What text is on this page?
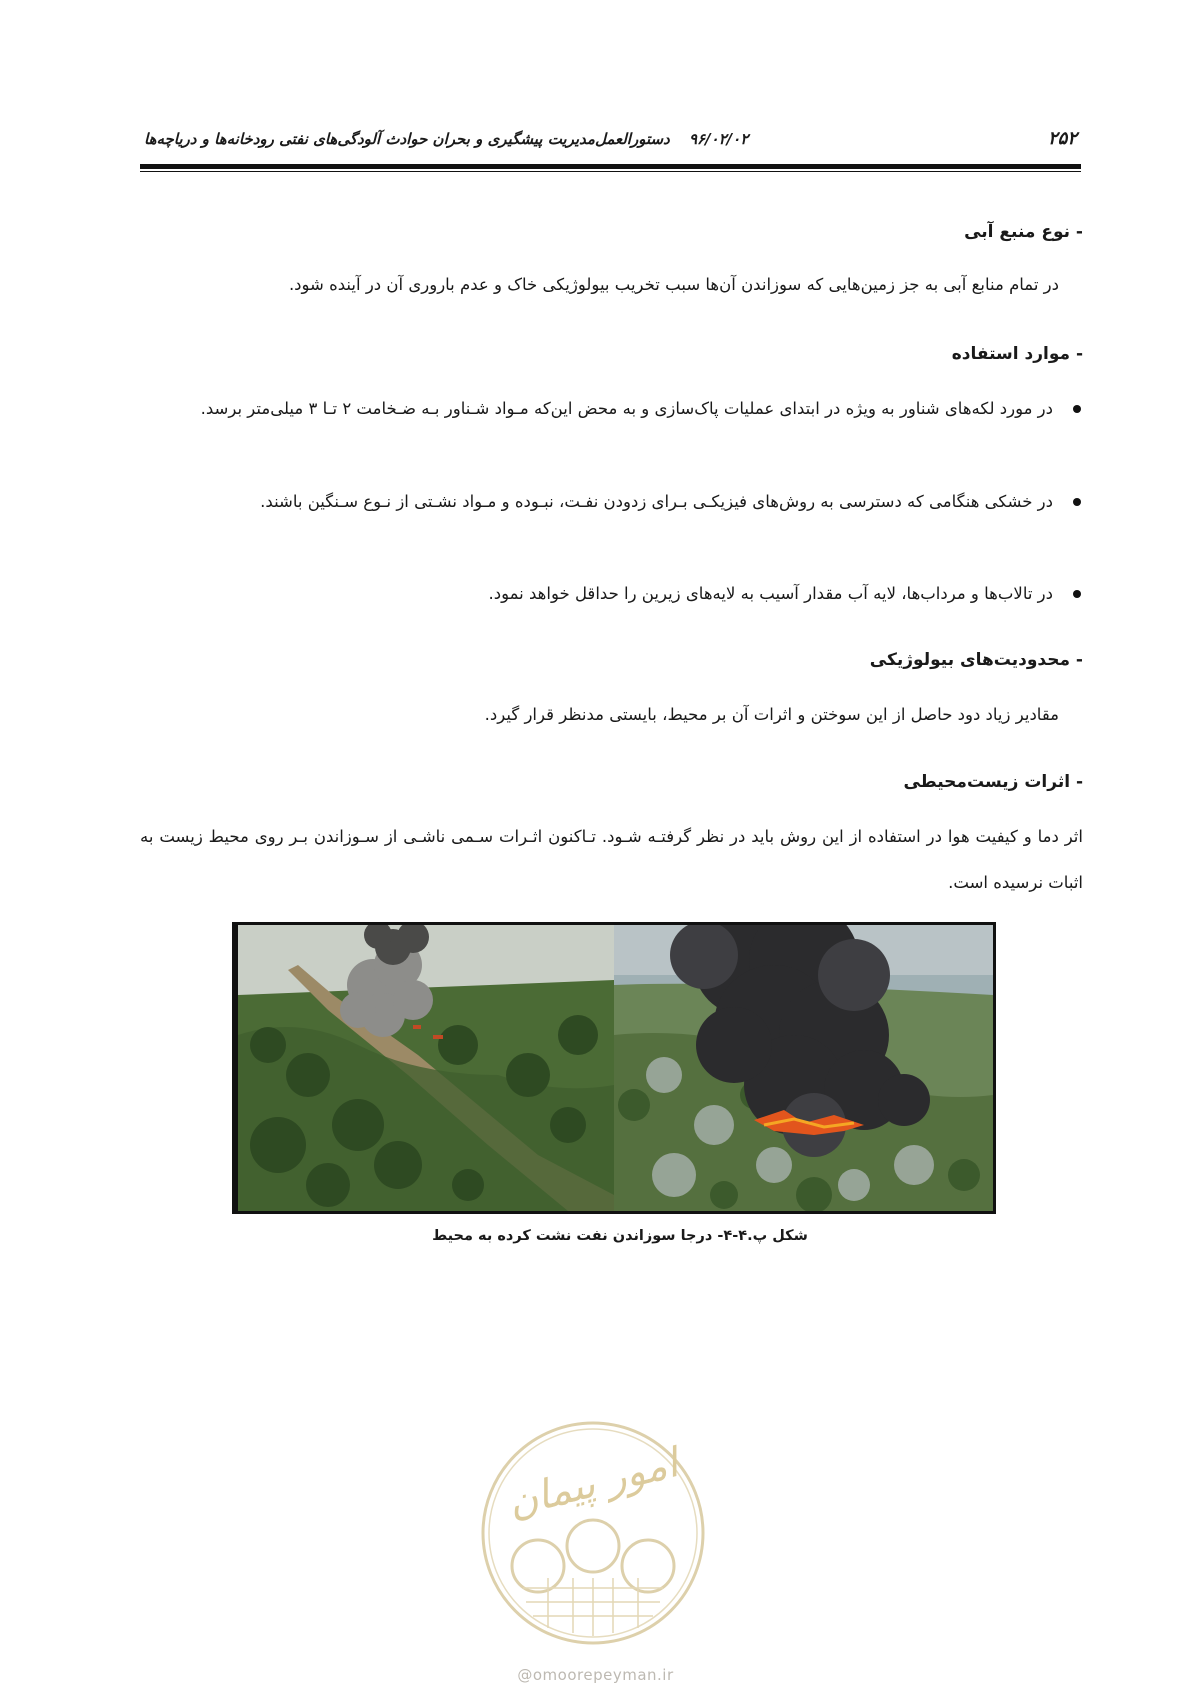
۲۵۲
۹۶/۰۲/۰۲ دستورالعمل‌مدیریت پیشگیری و بحران حوادث آلودگی‌های نفتی رودخانه‌ها و دریاچه‌ها
- نوع منبع آبی
در تمام منابع آبی به جز زمین‌هایی که سوزاندن آن‌ها سبب تخریب بیولوژیکی خاک و عدم باروری آن در آینده شود.
- موارد استفاده
در مورد لکه‌های شناور به ویژه در ابتدای عملیات پاک‌سازی و به محض این‌که مـواد شـناور بـه ضـخامت ۲ تـا ۳ میلی‌متر برسد.
در خشکی هنگامی که دسترسی به روش‌های فیزیکـی بـرای زدودن نفـت، نبـوده و مـواد نشـتی از نـوع سـنگین باشند.
در تالاب‌ها و مرداب‌ها، لایه آب مقدار آسیب به لایه‌های زیرین را حداقل خواهد نمود.
- محدودیت‌های بیولوژیکی
مقادیر زیاد دود حاصل از این سوختن و اثرات آن بر محیط، بایستی مدنظر قرار گیرد.
- اثرات زیست‌محیطی
اثر دما و کیفیت هوا در استفاده از این روش باید در نظر گرفتـه شـود. تـاکنون اثـرات سـمی ناشـی از سـوزاندن بـر روی محیط زیست به اثبات نرسیده است.
شکل پ.۴-۴- درجا سوزاندن نفت نشت کرده به محیط
امور پیمان
@omoorepeyman.ir
